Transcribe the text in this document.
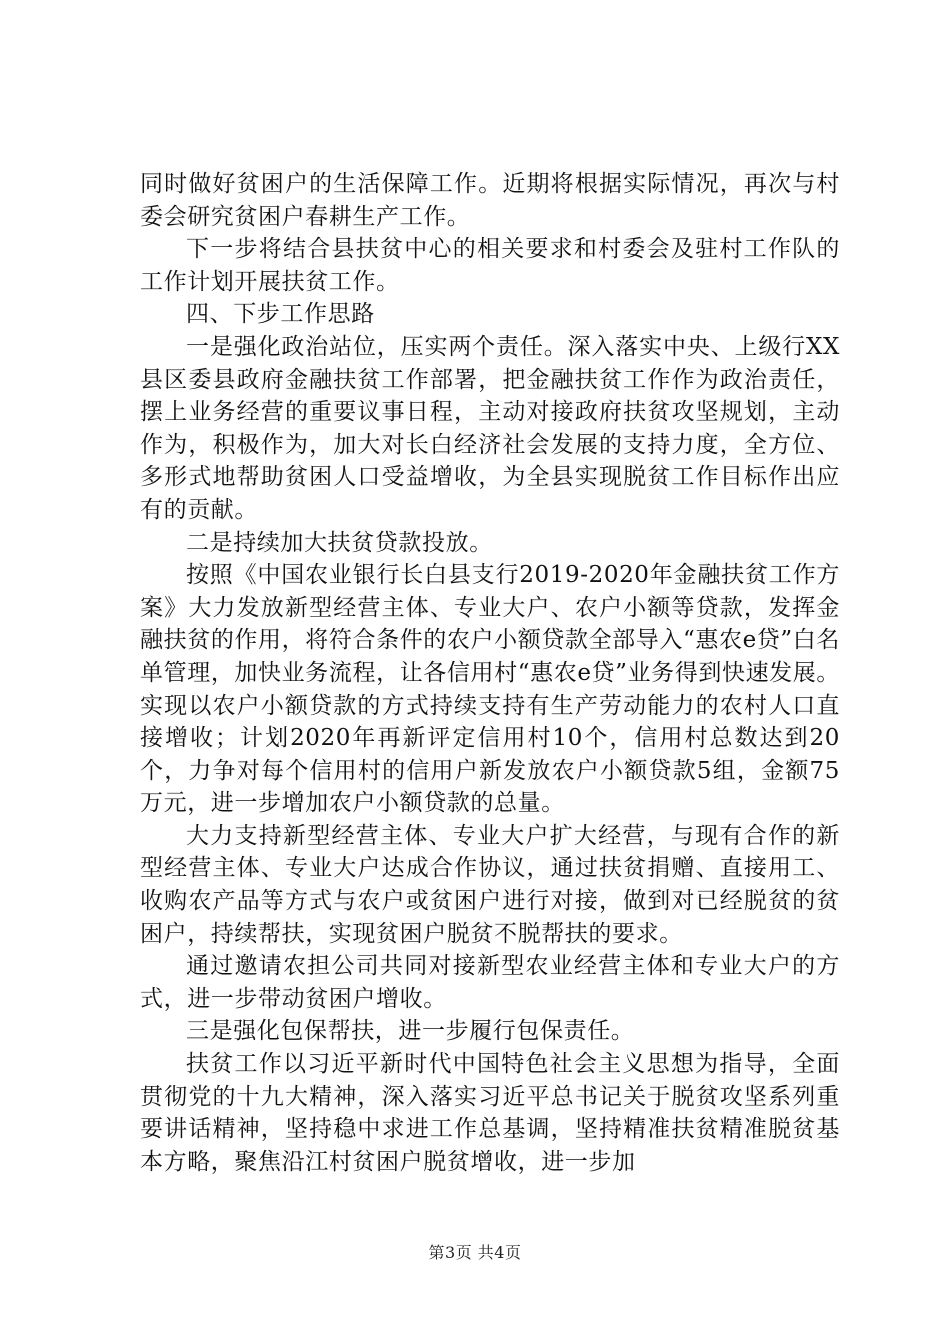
同时做好贫困户的生活保障工作。近期将根据实际情况，再次与村委会研究贫困户春耕生产工作。

下一步将结合县扶贫中心的相关要求和村委会及驻村工作队的工作计划开展扶贫工作。

四、下步工作思路

一是强化政治站位，压实两个责任。深入落实中央、上级行XX县区委县政府金融扶贫工作部署，把金融扶贫工作作为政治责任，摆上业务经营的重要议事日程，主动对接政府扶贫攻坚规划，主动作为，积极作为，加大对长白经济社会发展的支持力度，全方位、多形式地帮助贫困人口受益增收，为全县实现脱贫工作目标作出应有的贡献。

二是持续加大扶贫贷款投放。

按照《中国农业银行长白县支行2019-2020年金融扶贫工作方案》大力发放新型经营主体、专业大户、农户小额等贷款，发挥金融扶贫的作用，将符合条件的农户小额贷款全部导入“惠农e贷”白名单管理，加快业务流程，让各信用村“惠农e贷”业务得到快速发展。实现以农户小额贷款的方式持续支持有生产劳动能力的农村人口直接增收；计划2020年再新评定信用村10个，信用村总数达到20个，力争对每个信用村的信用户新发放农户小额贷款5组，金额75万元，进一步增加农户小额贷款的总量。

大力支持新型经营主体、专业大户扩大经营，与现有合作的新型经营主体、专业大户达成合作协议，通过扶贫捐赠、直接用工、收购农产品等方式与农户或贫困户进行对接，做到对已经脱贫的贫困户，持续帮扶，实现贫困户脱贫不脱帮扶的要求。

通过邀请农担公司共同对接新型农业经营主体和专业大户的方式，进一步带动贫困户增收。

三是强化包保帮扶，进一步履行包保责任。

扶贫工作以习近平新时代中国特色社会主义思想为指导，全面贯彻党的十九大精神，深入落实习近平总书记关于脱贫攻坚系列重要讲话精神，坚持稳中求进工作总基调，坚持精准扶贫精准脱贫基本方略，聚焦沿江村贫困户脱贫增收，进一步加

第3页 共4页
